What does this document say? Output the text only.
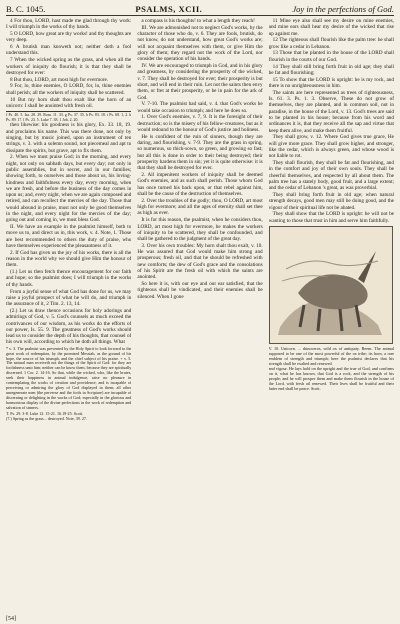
B. C. 1045.	PSALMS, XCII.	Joy in the perfections of God.

4 For thou, LORD, hast made me glad through thy work: I will triumph in the works of thy hands.

5 O LORD, how great are thy works! and thy thoughts are very deep.

6 A brutish man knoweth not; neither doth a fool understand this.

7 When the wicked spring as the grass, and when all the workers of iniquity do flourish; it is that they shall be destroyed for ever:

8 But thou, LORD, art most high for evermore.

9 For, lo, thine enemies, O LORD, for, lo, thine enemies shall perish; all the workers of iniquity shall be scattered.

10 But my horn shalt thou exalt like the horn of an unicorn: I shall be anointed with fresh oil.

f Ps. 40. 5. Isa. 28. 29. Rom. 11. 33. g Ps. 37. 35. h Ps. 83. 18. i Ps. 68. 1, 2. k Ps. 89. 17. l Ps. 23. 5. Luke 7. 38. 1 Joh. 2. 20.

then likewise: his goodness is his glory, Ex. 33. 18, 19. and proclaims his name. This was there done, not only by singing, but by music joined, upon an instrument of ten strings, v. 3. with a solemn sound, not piecemeal and apt to dissipate the spirits, but grave, apt to fix them.

2. When we must praise God; in the morning, and every night, not only on sabbath days, but every day; not only in public assemblies, but in secret, and in our families; showing forth, to ourselves and those about us, his loving-kindness and faithfulness every day, every morning, when we are fresh, and before the business of the day comes in upon us; and, every night, when we are again composed and retired, and can recollect the mercies of the day. Those that would abound in praise, must not only be good themselves in the night, and every night for the mercies of the day; going out and coming in, we must bless God.

II. We have an example in the psalmist himself, both to move us to, and direct us in, this work, v. 4. Note, 1. Those are best recommended to others the duty of praise, who have themselves experienced the pleasantness of it.

2. If God has given us the joy of his works, there is all the reason in the world why we should give Him the honour of them.

(1.) Let us then fetch thence encouragement for our faith and hope; so the psalmist does; I will triumph in the works of thy hands.

From a joyful sense of what God has done for us, we may raise a joyful prospect of what he will do, and triumph in the assurance of it, 2 Tim. 2. 13, 14.

(2.) Let us draw thence occasions for holy adorings and admirings of God, v. 5. God's counsels as much exceed the contrivances of our wisdom, as his works do the efforts of our power, Is. 55. 9. The greatness of God's works should lead us to consider the depth of his thoughts, that counsel of his own will, according to which he doth all things. What

* v. 3. The psalmist was prevented by the Holy Spirit to look forward to the great work of redemption, by the promised Messiah, as the ground of his hope, the source of his triumph, and the chief subject of his praise. + v. 5. The natural man receiveth not the things of the Spirit of God: for they are foolishness unto him; neither can he know them, because they are spiritually discerned. 1 Cor. 2. 14-16. So that, while the wicked, who, like the brutes, seek their happiness in animal indulgence, raise no pleasure in contemplating the works of creation and providence, and is incapable of perceiving or admiring the glory of God displayed in them; all other unregenerate men (the perverse and the fools in Scripture) are incapable of discerning or delighting in the works of God; especially in the glorious and harmonious display of the divine perfections in the work of redemption and salvation of sinners.
T. Ps. 29. 3-8. Luke 12. 15-21. 16.19-25. Scott.
(7.) Spring as the grass... destroyed. Note, 39. 27.

a compass is his thoughts! to what a length they reach!

III. We are admonished not to neglect God's works, by the character of those who do, v. 6. They are fools, brutish, do not know, do not understand, how great God's works are; will not acquaint themselves with them, or give Him the glory of them; they regard not the work of the Lord, nor consider the operation of his hands.

IV. We are encouraged to triumph in God, and in his glory and greatness, by considering the prosperity of the wicked, v. 7. They shall be destroyed for ever; their prosperity is but short, and will end in their ruin. Let not the saints then envy them, or fret at their prosperity, or be in pain for the ark of God.

V. 7-10. The psalmist had said, v. 4. that God's works he would take occasion to triumph; and here he does so.

1. Over God's enemies, v. 7, 9. It is the foresight of their destruction; so is the misery of his fellow-creatures, but as it would redound to the honour of God's justice and holiness.

He is confident of the ruin of sinners, though they are daring, and flourishing, v. 7-9. They are the grass in spring, so numerous, so thick-sown, so green, and growing so fast; but all this is done in order to their being destroyed; their prosperity hardens them in sin; yet it is quite otherwise: it is that they shall be destroyed for ever.

2. All impenitent workers of iniquity shall be deemed God's enemies, and as such shall perish. Those whom God has once turned his back upon, or that rebel against him, shall be the cause of the destruction of themselves.

2. Over the troubles of the godly; thou, O LORD, art most high for evermore; and all the ages of eternity shall set thee as high as ever.

It is for this reason, the psalmist, when he considers thou, LORD, art most high for evermore, he makes the workers of iniquity to be scattered, they shall be confounded, and shall be gathered to the judgment of the great day.

3. Over his own troubles: My horn shalt thou exalt, v. 10. He was assured that God would make him strong and prosperous; fresh oil, and that he should be refreshed with new comforts; the dew of God's grace and the consolations of his Spirit are the fresh oil with which the saints are anointed.

So here it is, with our eye and our ear satisfied, that the righteous shall be vindicated, and their enemies shall be silenced. When I gone

11 Mine eye also shall see my desire on mine enemies, and mine ears shall hear my desire of the wicked that rise up against me.

12 The righteous shall flourish like the palm tree: he shall grow like a cedar in Lebanon.

13 Those that be planted in the house of the LORD shall flourish in the courts of our God.

14 They shall still bring forth fruit in old age; they shall be fat and flourishing;

15 To show that the LORD is upright: he is my rock, and there is no unrighteousness in him.

The saints are here represented as trees of righteousness, Is. 61. 3. Ps. 1. 3. Observe, These do not grow of themselves, they are planted, and in common soil, not in paradise, in the house of the Lord, v. 13. God's trees are said to be planted in his house; because from his word and ordinances it is, that they receive all the sap and virtue that keep them alive, and make them fruitful.

They shall grow, v. 12. Where God gives true grace, He will give more grace. They shall grow higher, and stronger, like the cedar, which is always green, and whose wood is not liable to rot.

They shall flourish, they shall be fat and flourishing, and in the comfort and joy of their own souls. They shall be cheerful themselves, and respected by all about them. The palm tree has a stately body, good fruit, and a large extent; and the cedar of Lebanon 's great, as was proverbial.

They shall bring forth fruit in old age; when natural strength decays, good men may still be doing good, and the vigour of their spiritual life not be abated.

They shall show that the LORD is upright: he will not be wanting to those that trust in him and serve him faithfully.

V. 10. Unicorn. ... rhinoceros, wild ox of antiquity. Reem. The animal supposed to be one of the most powerful of the ox tribe; its horn, a rare emblem of strength and triumph; here the psalmist declares that his strength shall be exalted and renewed.
and vigour. He lays hold on the upright and the true of God, and confirms on it, what he has known, that God is a rock, and the strength of his people; and he will prosper them and make them flourish in the house of the Lord, with fresh oil renewed. Their lives shall be fruitful and their latter end shall be peace. Scott.
[54]
